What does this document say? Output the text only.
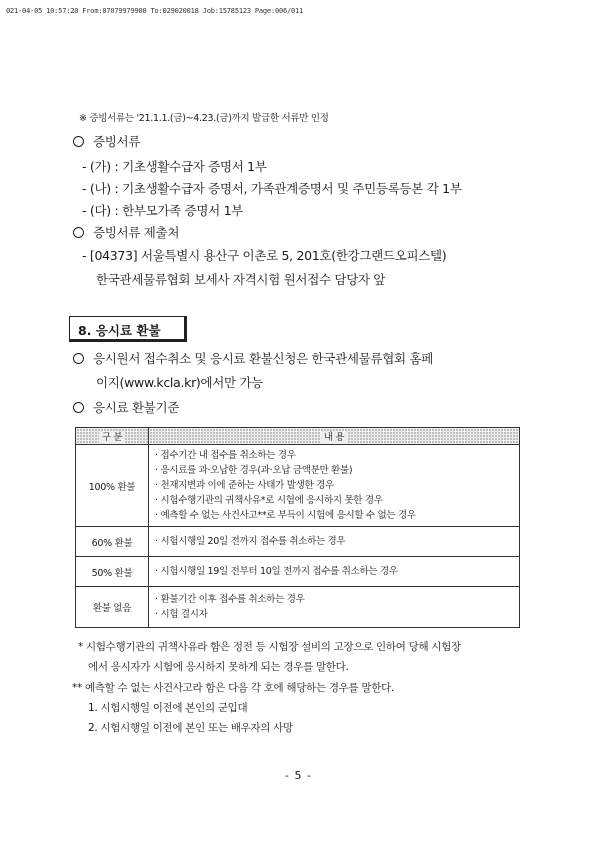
021-04-05 10:57:20 From:07079979900 To:029020018 Job:15785123 Page:006/011
※ 증빙서류는 '21.1.1.(금)~4.23.(금)까지 발급한 서류만 인정
증빙서류
- (가) : 기초생활수급자 증명서 1부
- (나) : 기초생활수급자 증명서, 가족관계증명서 및 주민등록등본 각 1부
- (다) : 한부모가족 증명서 1부
증빙서류 제출처
- [04373] 서울특별시 용산구 이촌로 5, 201호(한강그랜드오피스텔)
한국관세물류협회 보세사 자격시험 원서접수 담당자 앞
8. 응시료 환불
응시원서 접수취소 및 응시료 환불신청은 한국관세물류협회 홈페
이지(www.kcla.kr)에서만 가능
응시료 환불기준
구 분	내 용
100% 환불	· 접수기간 내 접수를 취소하는 경우
· 응시료를 과·오납한 경우(과·오납 금액분만 환불)
· 천재지변과 이에 준하는 사태가 발생한 경우
· 시험수행기관의 귀책사유*로 시험에 응시하지 못한 경우
· 예측할 수 없는 사건사고**로 부득이 시험에 응시할 수 없는 경우

60% 환불	· 시험시행일 20일 전까지 접수를 취소하는 경우

50% 환불	· 시험시행일 19일 전부터 10일 전까지 접수를 취소하는 경우

환불 없음	· 환불기간 이후 접수를 취소하는 경우
· 시험 결시자
* 시험수행기관의 귀책사유라 함은 정전 등 시험장 설비의 고장으로 인하여 당해 시험장
에서 응시자가 시험에 응시하지 못하게 되는 경우를 말한다.
** 예측할 수 없는 사건사고라 함은 다음 각 호에 해당하는 경우를 말한다.
1. 시험시행일 이전에 본인의 군입대
2. 시험시행일 이전에 본인 또는 배우자의 사망
- 5 -
